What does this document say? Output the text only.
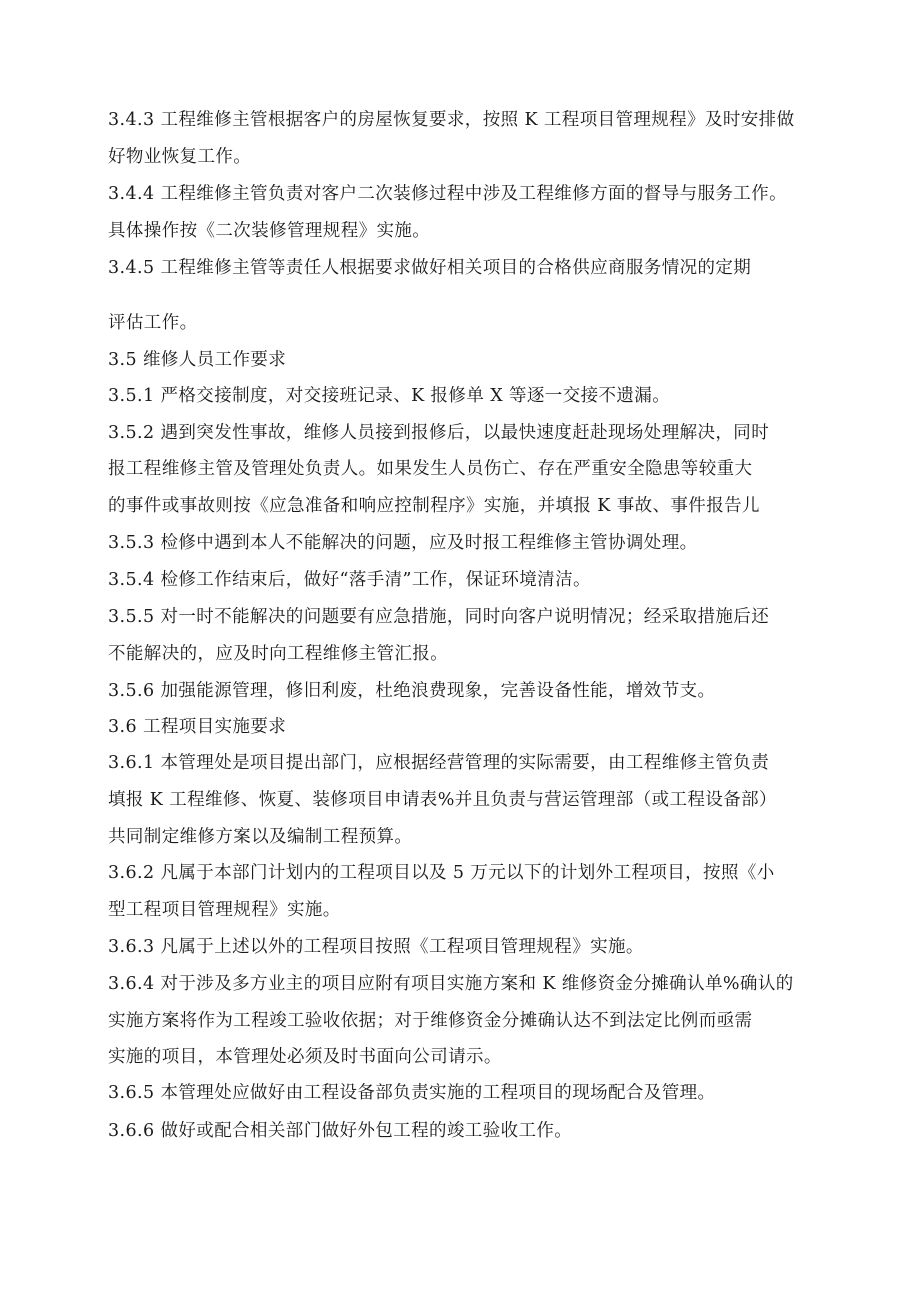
3.4.3 工程维修主管根据客户的房屋恢复要求，按照 K 工程项目管理规程》及时安排做
好物业恢复工作。
3.4.4 工程维修主管负责对客户二次装修过程中涉及工程维修方面的督导与服务工作。
具体操作按《二次装修管理规程》实施。
3.4.5 工程维修主管等责任人根据要求做好相关项目的合格供应商服务情况的定期
评估工作。
3.5 维修人员工作要求
3.5.1 严格交接制度，对交接班记录、K 报修单 X 等逐一交接不遗漏。
3.5.2 遇到突发性事故，维修人员接到报修后，以最快速度赶赴现场处理解决，同时
报工程维修主管及管理处负责人。如果发生人员伤亡、存在严重安全隐患等较重大
的事件或事故则按《应急准备和响应控制程序》实施，并填报 K 事故、事件报告儿
3.5.3 检修中遇到本人不能解决的问题，应及时报工程维修主管协调处理。
3.5.4 检修工作结束后，做好“落手清”工作，保证环境清洁。
3.5.5 对一时不能解决的问题要有应急措施，同时向客户说明情况；经采取措施后还
不能解决的，应及时向工程维修主管汇报。
3.5.6 加强能源管理，修旧利废，杜绝浪费现象，完善设备性能，增效节支。
3.6 工程项目实施要求
3.6.1 本管理处是项目提出部门，应根据经营管理的实际需要，由工程维修主管负责
填报 K 工程维修、恢夏、装修项目申请表%并且负责与营运管理部（或工程设备部）
共同制定维修方案以及编制工程预算。
3.6.2 凡属于本部门计划内的工程项目以及 5 万元以下的计划外工程项目，按照《小
型工程项目管理规程》实施。
3.6.3 凡属于上述以外的工程项目按照《工程项目管理规程》实施。
3.6.4 对于涉及多方业主的项目应附有项目实施方案和 K 维修资金分摊确认单%确认的
实施方案将作为工程竣工验收依据；对于维修资金分摊确认达不到法定比例而亟需
实施的项目，本管理处必须及时书面向公司请示。
3.6.5 本管理处应做好由工程设备部负责实施的工程项目的现场配合及管理。
3.6.6 做好或配合相关部门做好外包工程的竣工验收工作。
